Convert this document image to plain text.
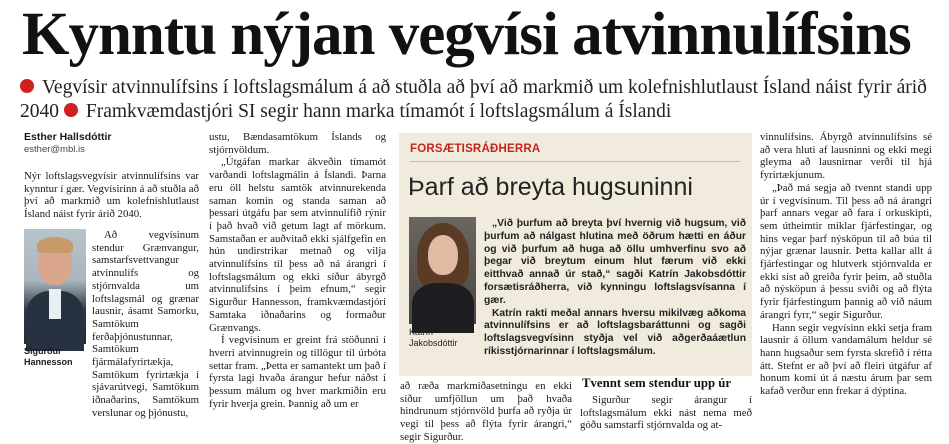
Kynntu nýjan vegvísi atvinnulífsins
Vegvísir atvinnulífsins í loftslagsmálum á að stuðla að því að markmið um kolefnishlutlaust Ísland náist fyrir árið 2040 Framkvæmdastjóri SI segir hann marka tímamót í loftslagsmálum á Íslandi
Esther Hallsdóttir
esther@mbl.is

Nýr loftslagsvegvísir atvinnulífsins var kynntur í gær. Vegvísirinn á að stuðla að því að markmið um kolefnishlutlaust Ísland náist fyrir árið 2040.

Sigurður Hannesson

Að vegvísinum stendur Grænvangur, samstarfsvettvangur atvinnulífs og stjórnvalda um loftslagsmál og grænar lausnir, ásamt Samorku, Samtökum ferðaþjónustunnar, Samtökum fjármálafyrirtækja, Samtökum fyrirtækja í sjávarútvegi, Samtökum iðnaðarins, Samtökum verslunar og þjónustu,

ustu, Bændasamtökum Íslands og stjórnvöldum.

„Útgáfan markar ákveðin tímamót varðandi loftslagmálin á Íslandi. Þarna eru öll helstu samtök atvinnurekenda saman komin og standa saman að þessari útgáfu þar sem atvinnulífið rýnir í það hvað við getum lagt af mörkum. Samstaðan er auðvitað ekki sjálfgefin en hún undirstrikar metnað og vilja atvinnulífsins til þess að ná árangri í loftslagsmálum og ekki síður ábyrgð atvinnulífsins í þeim efnum,“ segir Sigurður Hannesson, framkvæmdastjóri Samtaka iðnaðarins og formaður Grænvangs.

Í vegvísinum er greint frá stöðunni í hverri atvinnugrein og tillögur til úrbóta settar fram. „Þetta er samantekt um það í fyrsta lagi hvaða árangur hefur náðst í þessum málum og hver markmiðin eru fyrir hverja grein. Þannig að um er

FORSÆTISRÁÐHERRA
Þarf að breyta hugsuninni
Katrín Jakobsdóttir

„Við þurfum að breyta því hvernig við hugsum, við þurfum að nálgast hlutina með öðrum hætti en áður og við þurfum að huga að öllu umhverfinu svo að þegar við breytum einum hlut færum við ekki eitthvað annað úr stað,“ sagði Katrín Jakobsdóttir forsætisráðherra, við kynningu loftslagsvísanna í gær.

Katrín rakti meðal annars hversu mikilvæg aðkoma atvinnulífsins er að loftslagsbaráttunni og sagði loftslagsvegvísinn styðja vel við aðgerðaáætlun ríkisstjórnarinnar í loftslagsmálum.

að ræða markmiðasetningu en ekki síður umfjöllun um það hvaða hindrunum stjórnvöld þurfa að ryðja úr vegi til þess að flýta fyrir árangri,“ segir Sigurður.

Tvennt sem stendur upp úr

Sigurður segir árangur í loftslagsmálum ekki nást nema með góðu samstarfi stjórnvalda og at-

vinnulífsins. Ábyrgð atvinnulífsins sé að vera hluti af lausninni og ekki megi gleyma að lausnirnar verði til hjá fyrirtækjunum.

„Það má segja að tvennt standi upp úr í vegvísinum. Til þess að ná árangri þarf annars vegar að fara í orkuskipti, sem útheimtir miklar fjárfestingar, og hins vegar þarf nýsköpun til að búa til nýjar grænar lausnir. Þetta kallar allt á fjárfestingar og hlutverk stjórnvalda er ekki síst að greiða fyrir þeim, að stuðla að nýsköpun á þessu sviði og að flýta fyrir fjárfestingum þannig að við náum árangri fyrr,“ segir Sigurður.

Hann segir vegvísinn ekki setja fram lausnir á öllum vandamálum heldur sé hann hugsaður sem fyrsta skrefið í rétta átt. Stefnt er að því að fleiri útgáfur af honum komi út á næstu árum þar sem kafað verður enn frekar á dýptina.
